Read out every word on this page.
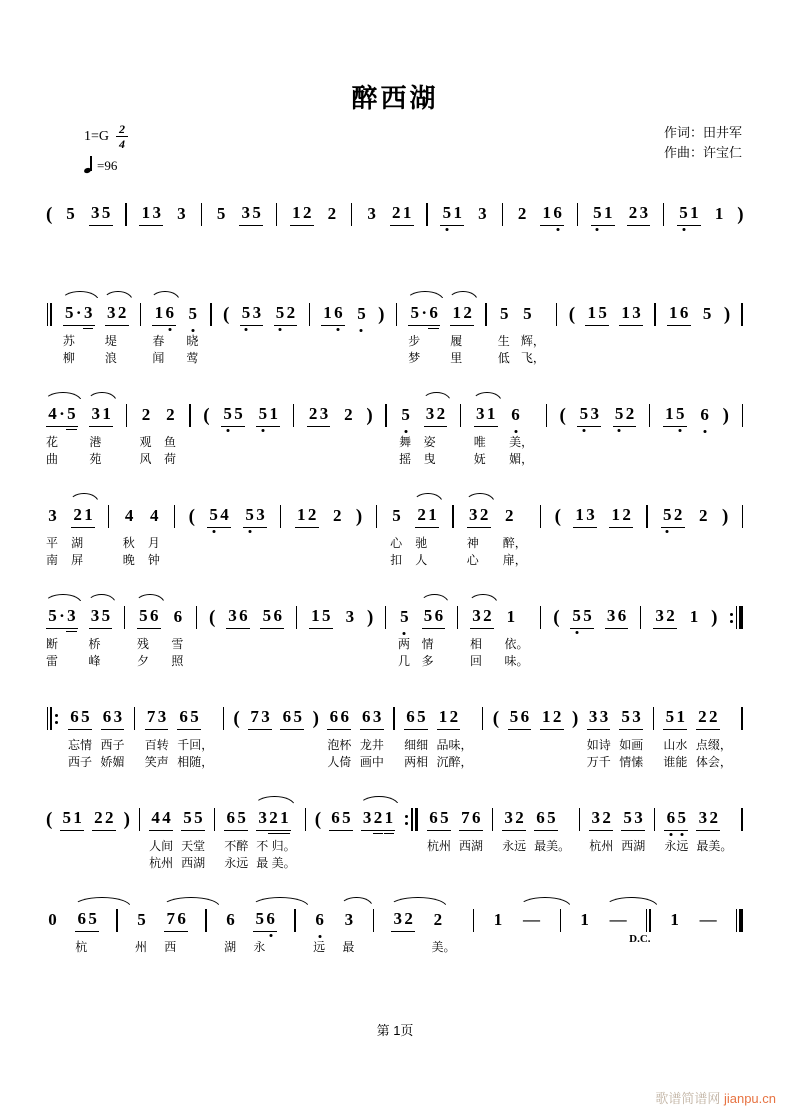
醉西湖
$1=G \frac{2}{4}$
=96
作词：田井军
作曲：许宝仁
( 5 3 5 1 3 3 5 3 5 1 2 2 3 2 1 5 1 3 2 1 6 5 1 2 3 5 1 1 )
5 · 3
苏
柳
3 2
堤
浪
1 6
春
闻
5
晓
莺
( 5 3 5 2 1 6 5 ) 5 · 6
步
梦
1 2
履
里
5
生
低
5
辉，
飞，
( 1 5 1 3 1 6 5 )
4 · 5
花
曲
3 1
港
苑
2
观
风
2
鱼
荷
( 5 5 5 1 2 3 2 ) 5
舞
摇
3 2
姿
曳
3 1
唯
妩
6
美，
媚，
( 5 3 5 2 1 5 6 )
3
平
南
2 1
湖
屏
4
秋
晚
4
月
钟
( 5 4 5 3 1 2 2 ) 5
心
扣
2 1
驰
人
3 2
神
心
2
醉，
扉，
( 1 3 1 2 5 2 2 )
5 · 3
断
雷
3 5
桥
峰
5 6
残
夕
6
雪
照
( 3 6 5 6 1 5 3 ) 5
两
几
5 6
情
多
3 2
相
回
1
依。
味。
( 5 5 3 6 3 2 1 )
6 5
忘情
西子
6 3
西子
娇媚
7 3
百转
笑声
6 5
千回，
相随，
( 7 3 6 5 ) 6 6
泡杯
人倚
6 3
龙井
画中
6 5
细细
两相
1 2
品味，
沉醉，
( 5 6 1 2 ) 3 3
如诗
万千
5 3
如画
情愫
5 1
山水
谁能
2 2
点缀，
体会，
( 5 1 2 2 ) 4 4
人间
杭州
5 5
天堂
西湖
6 5
不醉
永远
3 2 1
不 归。
最 美。
( 6 5 3 2 1 6 5
杭州
7 6
西湖
3 2
永远
6 5
最美。
3 2
杭州
5 3
西湖
6 5
永远
3 2
最美。
0 6 5
杭
5
州
7 6
西
6
湖
5 6
永
6
远
3
最
3 2 2
美。
1 — 1 —
D.C.
1 —
第 1页
歌谱简谱网 jianpu.cn
